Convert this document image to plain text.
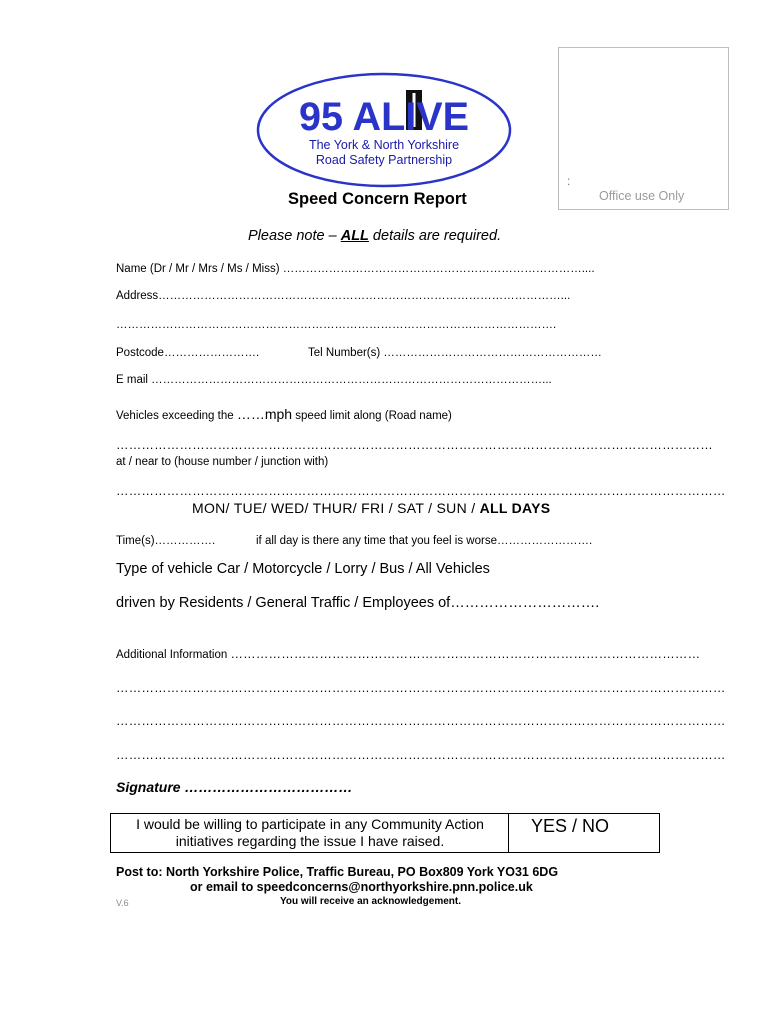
95 ALIVE
The York & North Yorkshire
Road Safety Partnership
:
Office use Only
Speed Concern Report
Please note – ALL details are required.
Name (Dr / Mr / Mrs / Ms / Miss) ……………………………………………………………………....
Address……………………………………………………………………………………………...
…………………………………………………………………………………………………….
Postcode…………………….	Tel Number(s) …………………………………………………
E mail …………………………………………………………………………………………...
Vehicles exceeding the ……mph speed limit along (Road name)
……………………………………………………………………………………………………………………………
at / near to (house number / junction with)
………………………………………………………………………………………………………………………………
MON/ TUE/ WED/ THUR/ FRI / SAT / SUN / ALL DAYS
Time(s)…………….	if all day is there any time that you feel is worse…………………….
Type of vehicle Car / Motorcycle / Lorry / Bus / All Vehicles
driven by Residents / General Traffic / Employees of………………………….
Additional Information …………………………………………………………………………………………………
………………………………………………………………………………………………………………………………
………………………………………………………………………………………………………………………………
………………………………………………………………………………………………………………………………
Signature ………………………………
I would be willing to participate in any Community Action initiatives regarding the issue I have raised.
YES / NO
Post to: North Yorkshire Police, Traffic Bureau, PO Box809 York YO31 6DG
or email to speedconcerns@northyorkshire.pnn.police.uk
V.6	You will receive an acknowledgement.
